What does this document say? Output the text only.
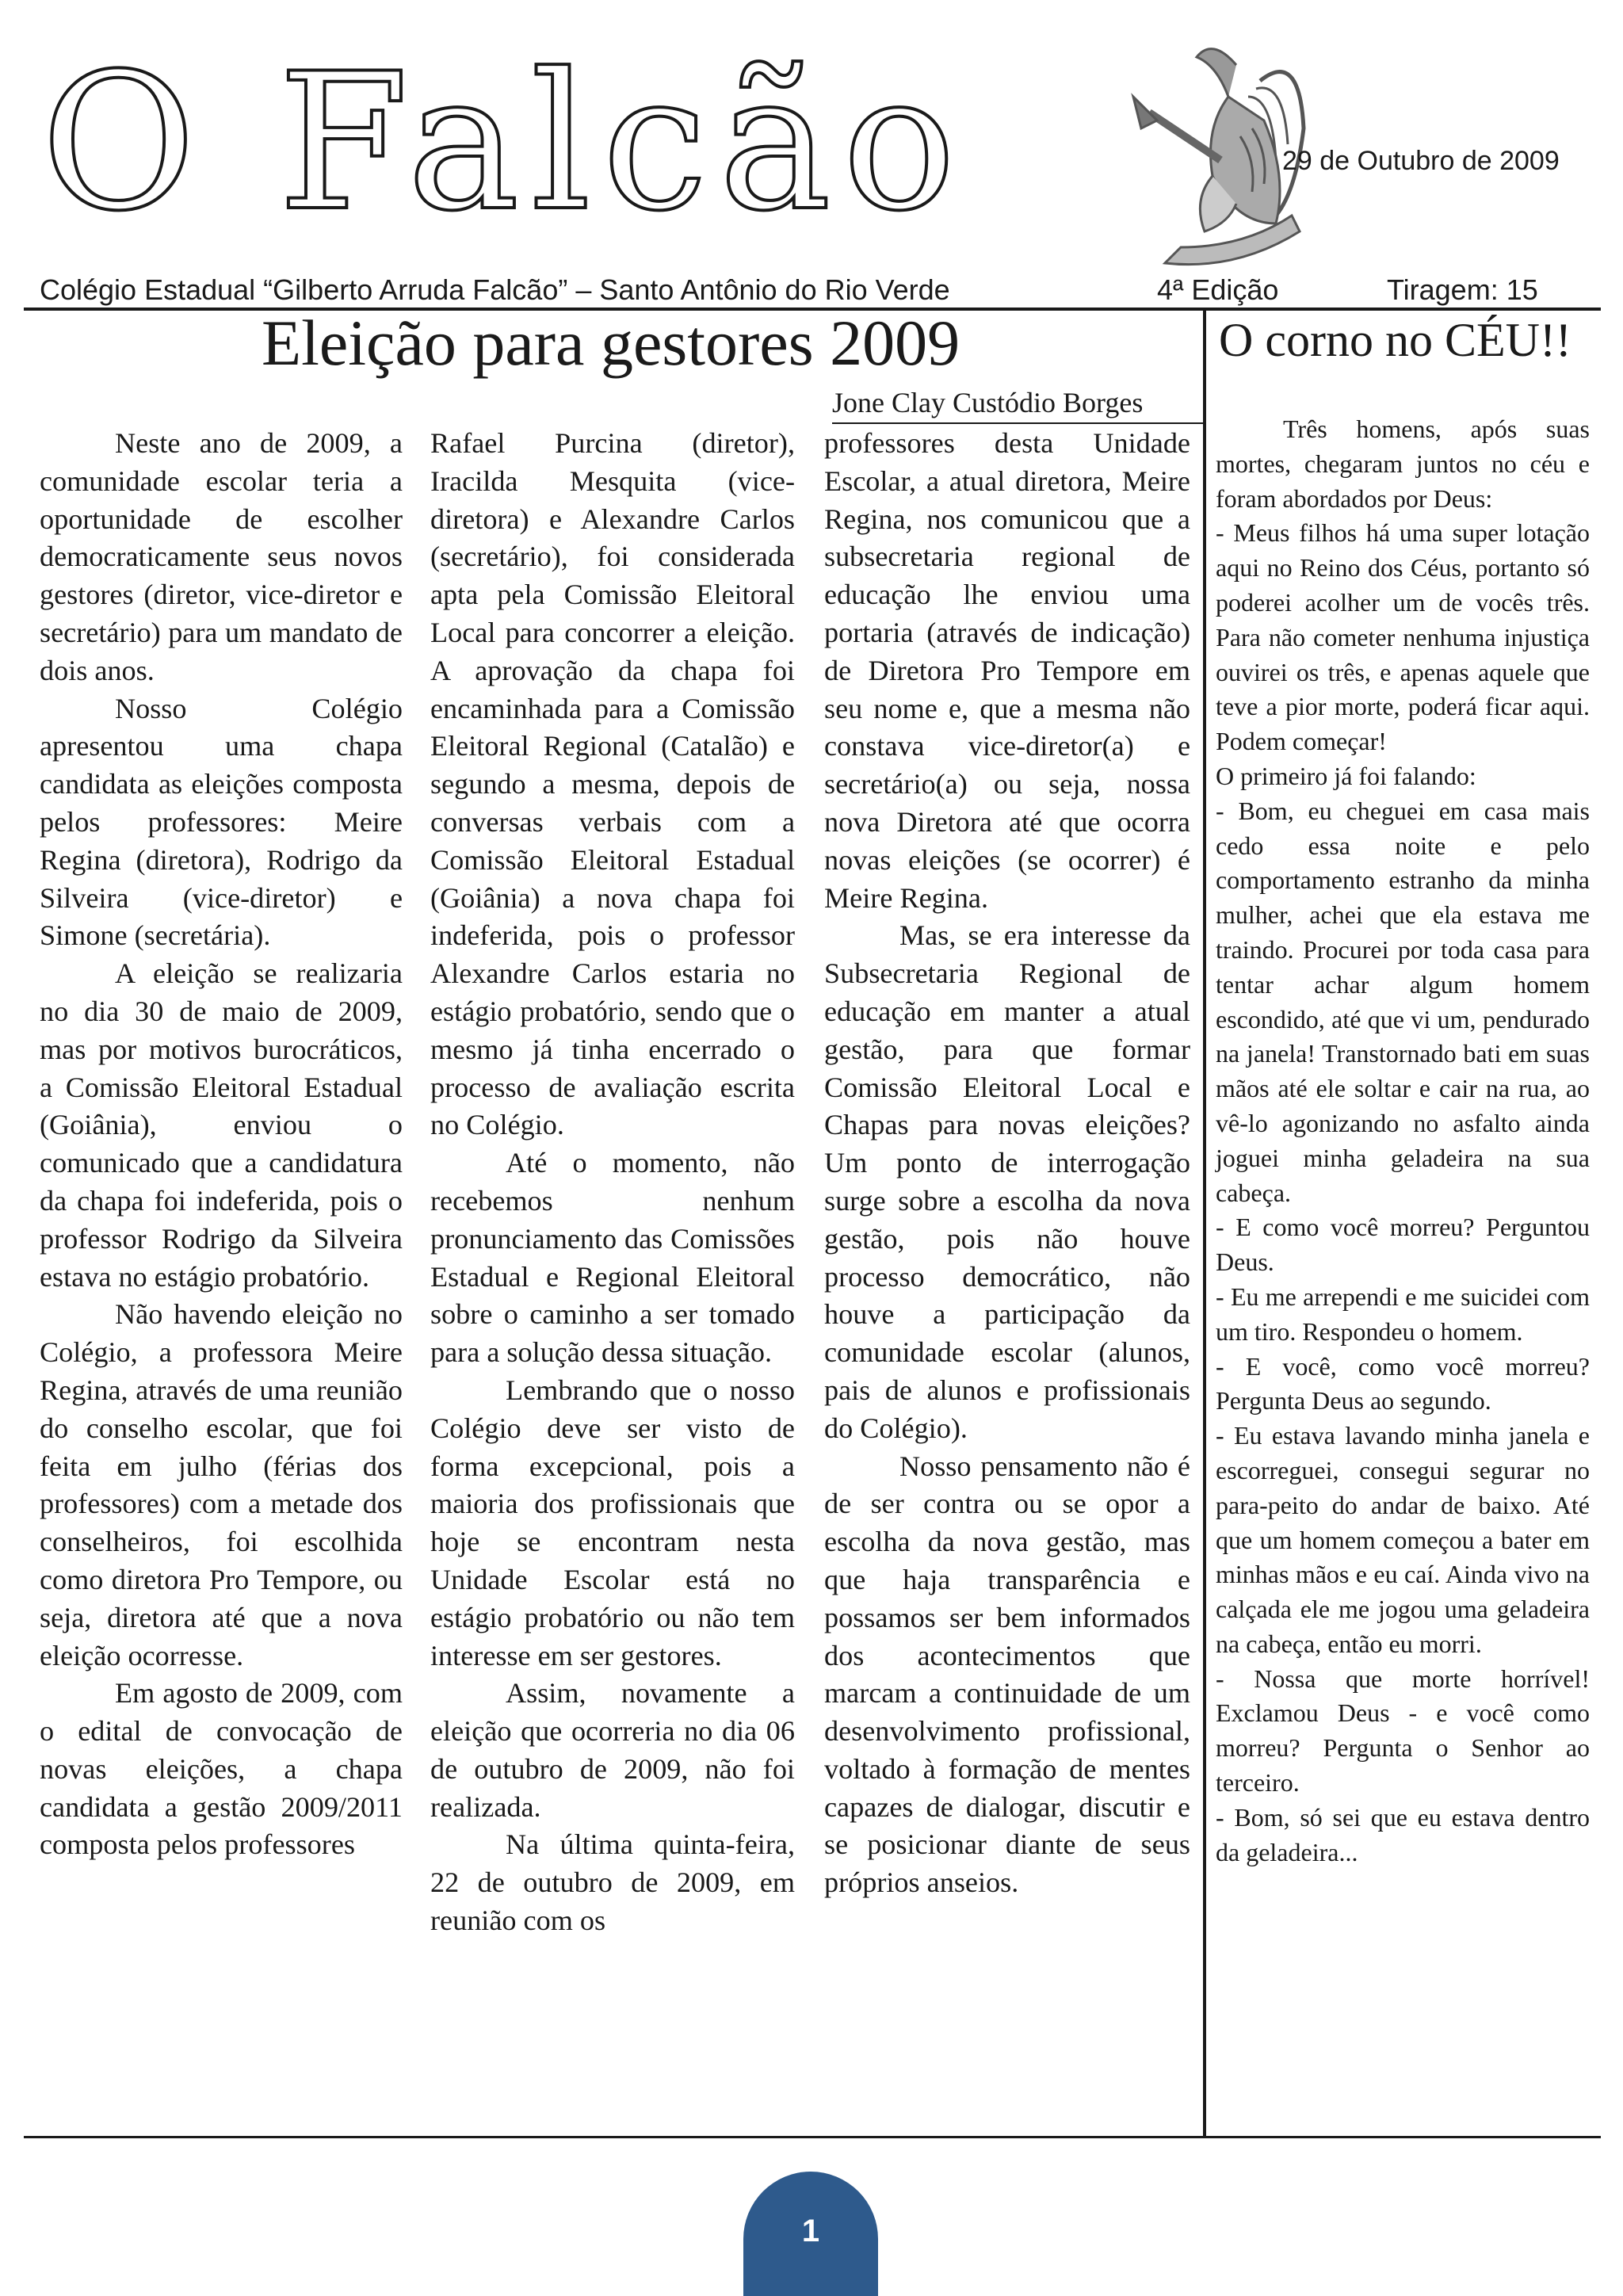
O Falcão	29 de Outubro de 2009
Colégio Estadual “Gilberto Arruda Falcão” – Santo Antônio do Rio Verde	4ª Edição	Tiragem: 15
Eleição para gestores 2009
Jone Clay Custódio Borges

Neste ano de 2009, a comunidade escolar teria a oportunidade de escolher democraticamente seus novos gestores (diretor, vice-diretor e secretário) para um mandato de dois anos.

Nosso Colégio apresentou uma chapa candidata as eleições composta pelos professores: Meire Regina (diretora), Rodrigo da Silveira (vice-diretor) e Simone (secretária).

A eleição se realizaria no dia 30 de maio de 2009, mas por motivos burocráticos, a Comissão Eleitoral Estadual (Goiânia), enviou o comunicado que a candidatura da chapa foi indeferida, pois o professor Rodrigo da Silveira estava no estágio probatório.

Não havendo eleição no Colégio, a professora Meire Regina, através de uma reunião do conselho escolar, que foi feita em julho (férias dos professores) com a metade dos conselheiros, foi escolhida como diretora Pro Tempore, ou seja, diretora até que a nova eleição ocorresse.

Em agosto de 2009, com o edital de convocação de novas eleições, a chapa candidata a gestão 2009/2011 composta pelos professores

Rafael Purcina (diretor), Iracilda Mesquita (vice-diretora) e Alexandre Carlos (secretário), foi considerada apta pela Comissão Eleitoral Local para concorrer a eleição. A aprovação da chapa foi encaminhada para a Comissão Eleitoral Regional (Catalão) e segundo a mesma, depois de conversas verbais com a Comissão Eleitoral Estadual (Goiânia) a nova chapa foi indeferida, pois o professor Alexandre Carlos estaria no estágio probatório, sendo que o mesmo já tinha encerrado o processo de avaliação escrita no Colégio.

Até o momento, não recebemos nenhum pronunciamento das Comissões Estadual e Regional Eleitoral sobre o caminho a ser tomado para a solução dessa situação.

Lembrando que o nosso Colégio deve ser visto de forma excepcional, pois a maioria dos profissionais que hoje se encontram nesta Unidade Escolar está no estágio probatório ou não tem interesse em ser gestores.

Assim, novamente a eleição que ocorreria no dia 06 de outubro de 2009, não foi realizada.

Na última quinta-feira, 22 de outubro de 2009, em reunião com os

professores desta Unidade Escolar, a atual diretora, Meire Regina, nos comunicou que a subsecretaria regional de educação lhe enviou uma portaria (através de indicação) de Diretora Pro Tempore em seu nome e, que a mesma não constava vice-diretor(a) e secretário(a) ou seja, nossa nova Diretora até que ocorra novas eleições (se ocorrer) é Meire Regina.

Mas, se era interesse da Subsecretaria Regional de educação em manter a atual gestão, para que formar Comissão Eleitoral Local e Chapas para novas eleições? Um ponto de interrogação surge sobre a escolha da nova gestão, pois não houve processo democrático, não houve a participação da comunidade escolar (alunos, pais de alunos e profissionais do Colégio).

Nosso pensamento não é de ser contra ou se opor a escolha da nova gestão, mas que haja transparência e possamos ser bem informados dos acontecimentos que marcam a continuidade de um desenvolvimento profissional, voltado à formação de mentes capazes de dialogar, discutir e se posicionar diante de seus próprios anseios.

O corno no CÉU!!

Três homens, após suas mortes, chegaram juntos no céu e foram abordados por Deus:

- Meus filhos há uma super lotação aqui no Reino dos Céus, portanto só poderei acolher um de vocês três. Para não cometer nenhuma injustiça ouvirei os três, e apenas aquele que teve a pior morte, poderá ficar aqui. Podem começar!

O primeiro já foi falando:

- Bom, eu cheguei em casa mais cedo essa noite e pelo comportamento estranho da minha mulher, achei que ela estava me traindo. Procurei por toda casa para tentar achar algum homem escondido, até que vi um, pendurado na janela! Transtornado bati em suas mãos até ele soltar e cair na rua, ao vê-lo agonizando no asfalto ainda joguei minha geladeira na sua cabeça.

- E como você morreu? Perguntou Deus.

- Eu me arrependi e me suicidei com um tiro. Respondeu o homem.

- E você, como você morreu? Pergunta Deus ao segundo.

- Eu estava lavando minha janela e escorreguei, consegui segurar no para-peito do andar de baixo. Até que um homem começou a bater em minhas mãos e eu caí. Ainda vivo na calçada ele me jogou uma geladeira na cabeça, então eu morri.

- Nossa que morte horrível! Exclamou Deus - e você como morreu? Pergunta o Senhor ao terceiro.

- Bom, só sei que eu estava dentro da geladeira...

1
